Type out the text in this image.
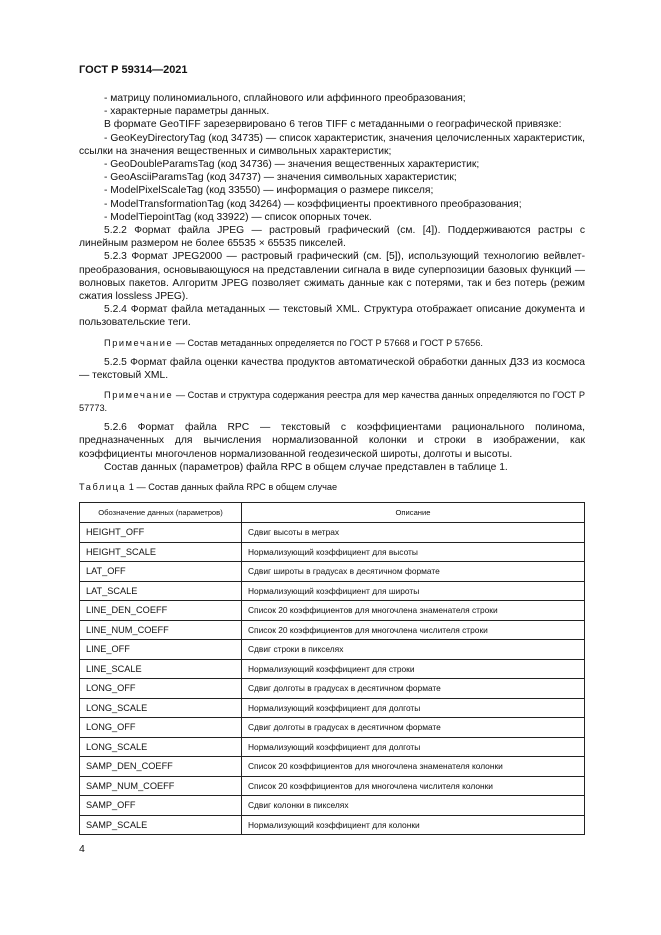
ГОСТ Р 59314—2021

- матрицу полиномиального, сплайнового или аффинного преобразования;

- характерные параметры данных.

В формате GeoTIFF зарезервировано 6 тегов TIFF с метаданными о географической привязке:

- GeoKeyDirectoryTag (код 34735) — список характеристик, значения целочисленных характеристик, ссылки на значения вещественных и символьных характеристик;

- GeoDoubleParamsTag (код 34736) — значения вещественных характеристик;

- GeoAsciiParamsTag (код 34737) — значения символьных характеристик;

- ModelPixelScaleTag (код 33550) — информация о размере пикселя;

- ModelTransformationTag (код 34264) — коэффициенты проективного преобразования;

- ModelTiepointTag (код 33922) — список опорных точек.

5.2.2 Формат файла JPEG — растровый графический (см. [4]). Поддерживаются растры с линейным размером не более 65535 × 65535 пикселей.

5.2.3 Формат JPEG2000 — растровый графический (см. [5]), использующий технологию вейвлет-преобразования, основывающуюся на представлении сигнала в виде суперпозиции базовых функций — волновых пакетов. Алгоритм JPEG позволяет сжимать данные как с потерями, так и без потерь (режим сжатия lossless JPEG).

5.2.4 Формат файла метаданных — текстовый XML. Структура отображает описание документа и пользовательские теги.

Примечание — Состав метаданных определяется по ГОСТ Р 57668 и ГОСТ Р 57656.

5.2.5 Формат файла оценки качества продуктов автоматической обработки данных ДЗЗ из космоса — текстовый XML.

Примечание — Состав и структура содержания реестра для мер качества данных определяются по ГОСТ Р 57773.

5.2.6 Формат файла RPC — текстовый с коэффициентами рационального полинома, предназначенных для вычисления нормализованной колонки и строки в изображении, как коэффициенты многочленов нормализованной геодезической широты, долготы и высоты.

Состав данных (параметров) файла RPC в общем случае представлен в таблице 1.

Таблица 1 — Состав данных файла RPC в общем случае
Обозначение данных (параметров)	Описание
HEIGHT_OFF	Сдвиг высоты в метрах
HEIGHT_SCALE	Нормализующий коэффициент для высоты
LAT_OFF	Сдвиг широты в градусах в десятичном формате
LAT_SCALE	Нормализующий коэффициент для широты
LINE_DEN_COEFF	Список 20 коэффициентов для многочлена знаменателя строки
LINE_NUM_COEFF	Список 20 коэффициентов для многочлена числителя строки
LINE_OFF	Сдвиг строки в пикселях
LINE_SCALE	Нормализующий коэффициент для строки
LONG_OFF	Сдвиг долготы в градусах в десятичном формате
LONG_SCALE	Нормализующий коэффициент для долготы
LONG_OFF	Сдвиг долготы в градусах в десятичном формате
LONG_SCALE	Нормализующий коэффициент для долготы
SAMP_DEN_COEFF	Список 20 коэффициентов для многочлена знаменателя колонки
SAMP_NUM_COEFF	Список 20 коэффициентов для многочлена числителя колонки
SAMP_OFF	Сдвиг колонки в пикселях
SAMP_SCALE	Нормализующий коэффициент для колонки
4
